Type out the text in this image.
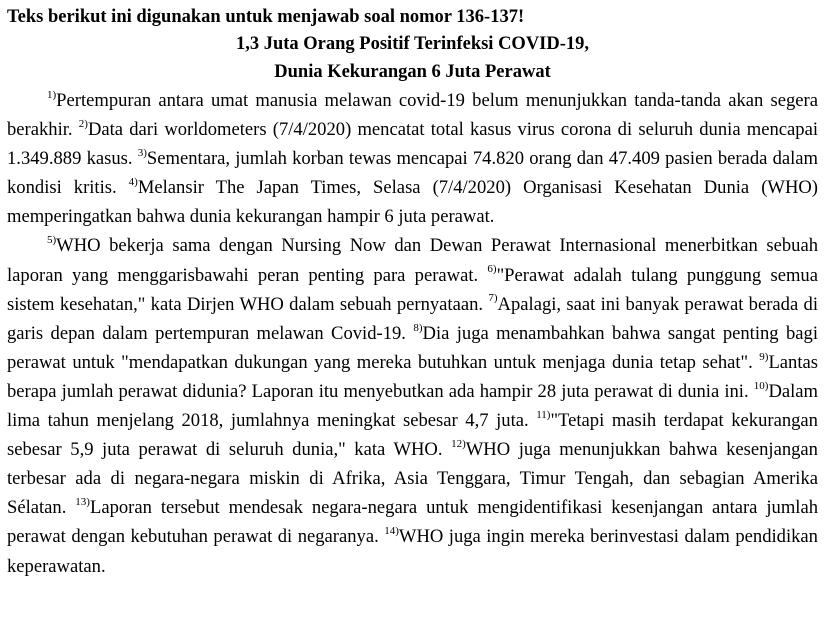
Teks berikut ini digunakan untuk menjawab soal nomor 136-137!

1,3 Juta Orang Positif Terinfeksi COVID-19,

Dunia Kekurangan 6 Juta Perawat

$^{1)}$Pertempuran antara umat manusia melawan covid-19 belum menunjukkan tanda-tanda akan segera berakhir. $^{2)}$Data dari worldometers (7/4/2020) mencatat total kasus virus corona di seluruh dunia mencapai 1.349.889 kasus. $^{3)}$Sementara, jumlah korban tewas mencapai 74.820 orang dan 47.409 pasien berada dalam kondisi kritis. $^{4)}$Melansir The Japan Times, Selasa (7/4/2020) Organisasi Kesehatan Dunia (WHO) memperingatkan bahwa dunia kekurangan hampir 6 juta perawat.

$^{5)}$WHO bekerja sama dengan Nursing Now dan Dewan Perawat Internasional menerbitkan sebuah laporan yang menggarisbawahi peran penting para perawat. $^{6)}$"Perawat adalah tulang punggung semua sistem kesehatan," kata Dirjen WHO dalam sebuah pernyataan. $^{7)}$Apalagi, saat ini banyak perawat berada di garis depan dalam pertempuran melawan Covid-19. $^{8)}$Dia juga menambahkan bahwa sangat penting bagi perawat untuk "mendapatkan dukungan yang mereka butuhkan untuk menjaga dunia tetap sehat". $^{9)}$Lantas berapa jumlah perawat didunia? Laporan itu menyebutkan ada hampir 28 juta perawat di dunia ini. $^{10)}$Dalam lima tahun menjelang 2018, jumlahnya meningkat sebesar 4,7 juta. $^{11)}$"Tetapi masih terdapat kekurangan sebesar 5,9 juta perawat di seluruh dunia," kata WHO. $^{12)}$WHO juga menunjukkan bahwa kesenjangan terbesar ada di negara-negara miskin di Afrika, Asia Tenggara, Timur Tengah, dan sebagian Amerika Sélatan. $^{13)}$Laporan tersebut mendesak negara-negara untuk mengidentifikasi kesenjangan antara jumlah perawat dengan kebutuhan perawat di negaranya. $^{14)}$WHO juga ingin mereka berinvestasi dalam pendidikan keperawatan.
